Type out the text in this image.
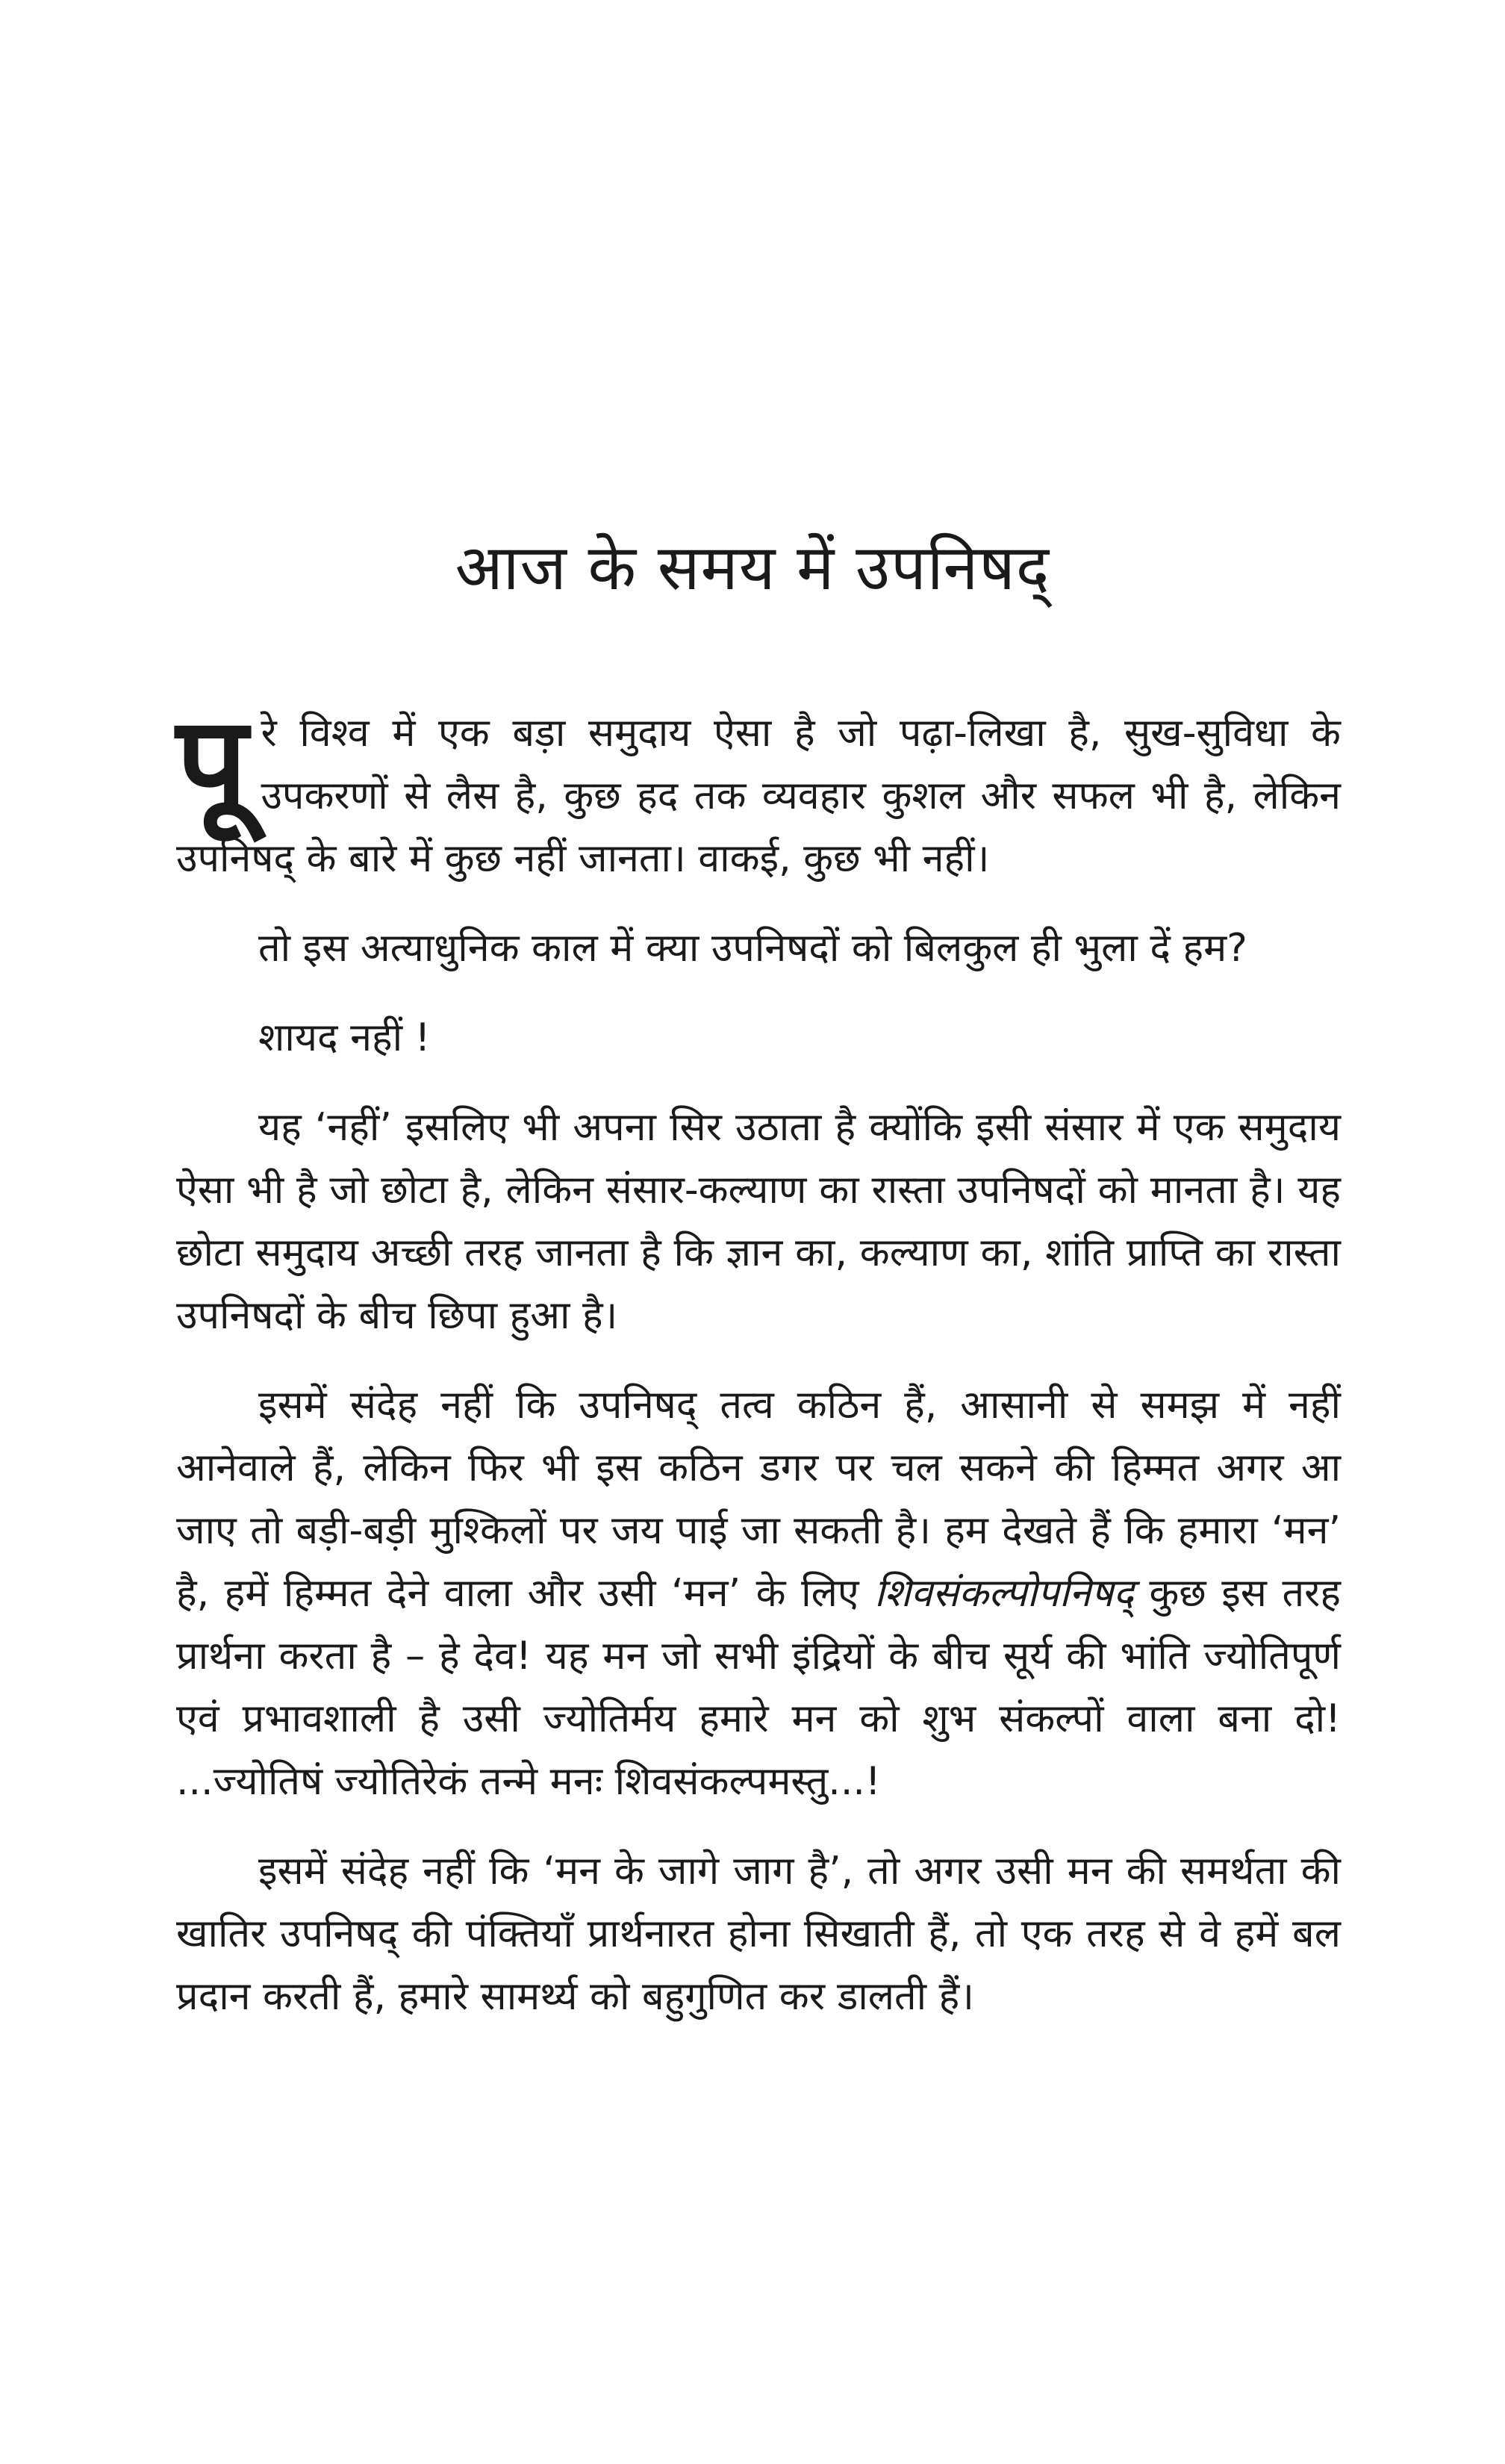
आज के समय में उपनिषद्

पूरे विश्व में एक बड़ा समुदाय ऐसा है जो पढ़ा-लिखा है, सुख-सुविधा के उपकरणों से लैस है, कुछ हद तक व्यवहार कुशल और सफल भी है, लेकिन उपनिषद् के बारे में कुछ नहीं जानता। वाकई, कुछ भी नहीं।

तो इस अत्याधुनिक काल में क्या उपनिषदों को बिलकुल ही भुला दें हम?

शायद नहीं !

यह ‘नहीं’ इसलिए भी अपना सिर उठाता है क्योंकि इसी संसार में एक समुदाय ऐसा भी है जो छोटा है, लेकिन संसार-कल्याण का रास्ता उपनिषदों को मानता है। यह छोटा समुदाय अच्छी तरह जानता है कि ज्ञान का, कल्याण का, शांति प्राप्ति का रास्ता उपनिषदों के बीच छिपा हुआ है।

इसमें संदेह नहीं कि उपनिषद् तत्व कठिन हैं, आसानी से समझ में नहीं आनेवाले हैं, लेकिन फिर भी इस कठिन डगर पर चल सकने की हिम्मत अगर आ जाए तो बड़ी-बड़ी मुश्किलों पर जय पाई जा सकती है। हम देखते हैं कि हमारा ‘मन’ है, हमें हिम्मत देने वाला और उसी ‘मन’ के लिए शिवसंकल्पोपनिषद् कुछ इस तरह प्रार्थना करता है – हे देव! यह मन जो सभी इंद्रियों के बीच सूर्य की भांति ज्योतिपूर्ण एवं प्रभावशाली है उसी ज्योतिर्मय हमारे मन को शुभ संकल्पों वाला बना दो! ...ज्योतिषं ज्योतिरेकं तन्मे मनः शिवसंकल्पमस्तु...!

इसमें संदेह नहीं कि ‘मन के जागे जाग है’, तो अगर उसी मन की समर्थता की खातिर उपनिषद् की पंक्तियाँ प्रार्थनारत होना सिखाती हैं, तो एक तरह से वे हमें बल प्रदान करती हैं, हमारे सामर्थ्य को बहुगुणित कर डालती हैं।
